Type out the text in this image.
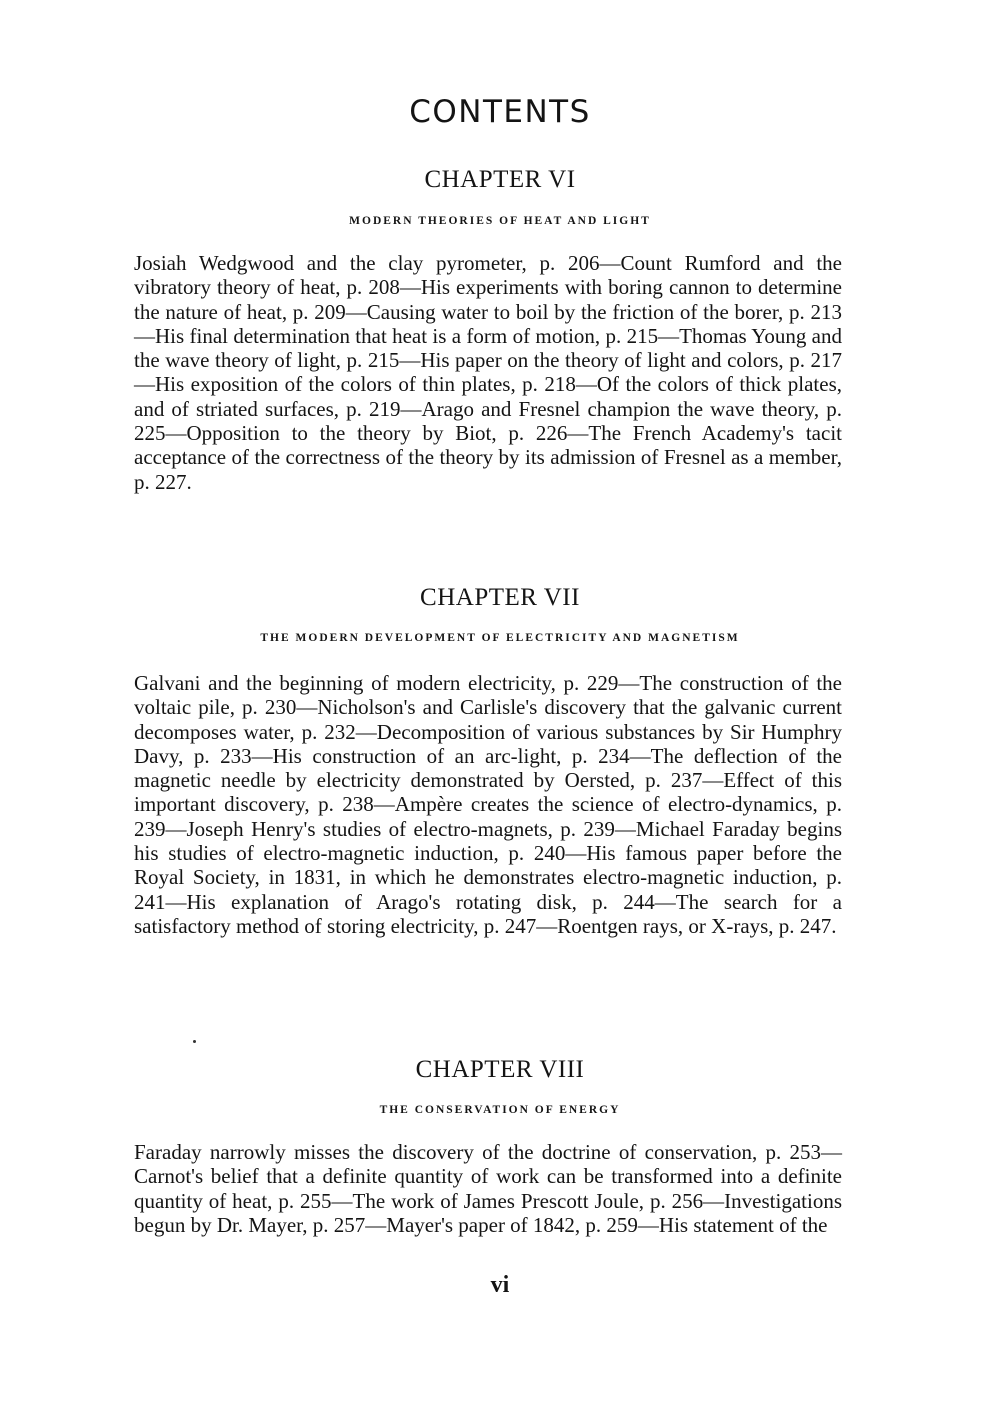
CONTENTS
CHAPTER VI
MODERN THEORIES OF HEAT AND LIGHT

Josiah Wedgwood and the clay pyrometer, p. 206—Count Rumford and the vibratory theory of heat, p. 208—His experiments with boring cannon to determine the nature of heat, p. 209—Causing water to boil by the friction of the borer, p. 213—His final determination that heat is a form of motion, p. 215—Thomas Young and the wave theory of light, p. 215—His paper on the theory of light and colors, p. 217—His exposition of the colors of thin plates, p. 218—Of the colors of thick plates, and of striated surfaces, p. 219—Arago and Fresnel champion the wave theory, p. 225—Opposition to the theory by Biot, p. 226—The French Academy's tacit acceptance of the correctness of the theory by its admission of Fresnel as a member, p. 227.

CHAPTER VII
THE MODERN DEVELOPMENT OF ELECTRICITY AND MAGNETISM

Galvani and the beginning of modern electricity, p. 229—The construction of the voltaic pile, p. 230—Nicholson's and Carlisle's discovery that the galvanic current decomposes water, p. 232—Decomposition of various substances by Sir Humphry Davy, p. 233—His construction of an arc-light, p. 234—The deflection of the magnetic needle by electricity demonstrated by Oersted, p. 237—Effect of this important discovery, p. 238—Ampère creates the science of electro-dynamics, p. 239—Joseph Henry's studies of electro-magnets, p. 239—Michael Faraday begins his studies of electro-magnetic induction, p. 240—His famous paper before the Royal Society, in 1831, in which he demonstrates electro-magnetic induction, p. 241—His explanation of Arago's rotating disk, p. 244—The search for a satisfactory method of storing electricity, p. 247—Roentgen rays, or X-rays, p. 247.

CHAPTER VIII
THE CONSERVATION OF ENERGY

Faraday narrowly misses the discovery of the doctrine of conservation, p. 253—Carnot's belief that a definite quantity of work can be transformed into a definite quantity of heat, p. 255—The work of James Prescott Joule, p. 256—Investigations begun by Dr. Mayer, p. 257—Mayer's paper of 1842, p. 259—His statement of the

vi
